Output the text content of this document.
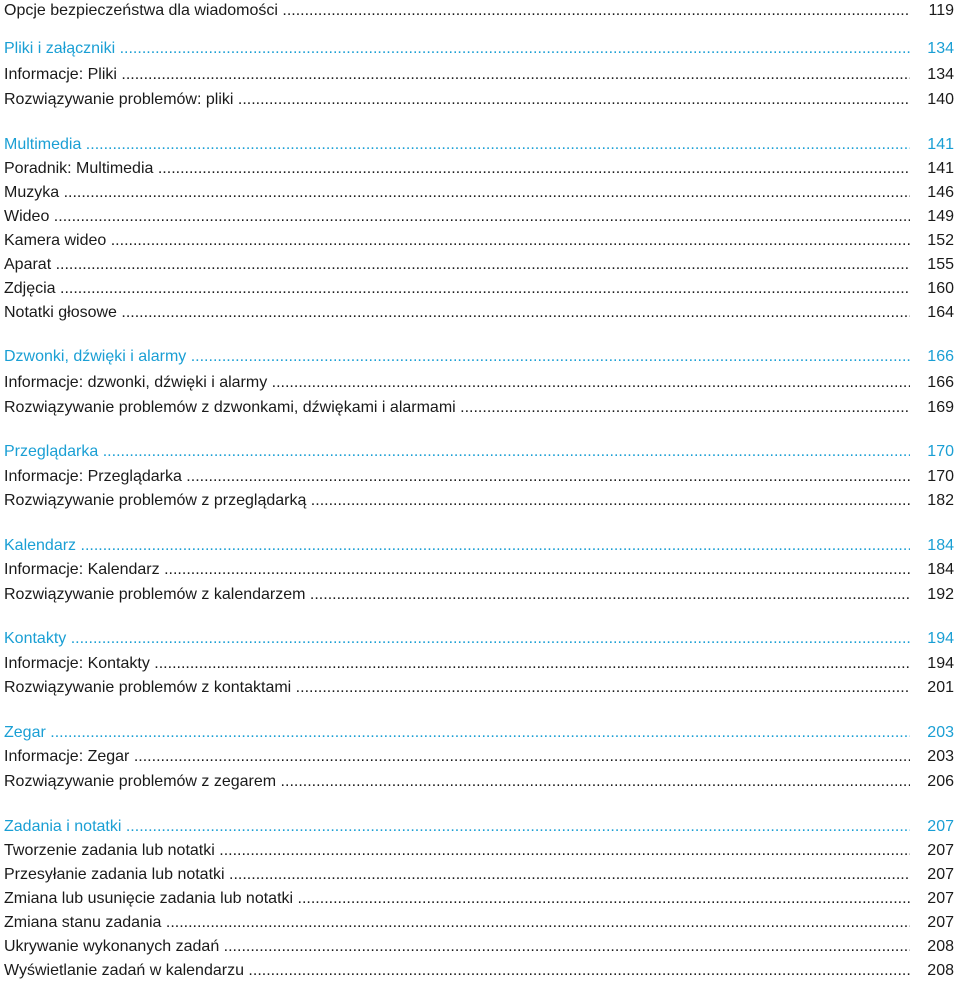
Opcje bezpieczeństwa dla wiadomości .....	119
Pliki i załączniki .....	134
Informacje: Pliki .....	134
Rozwiązywanie problemów: pliki .....	140
Multimedia .....	141
Poradnik: Multimedia .....	141
Muzyka .....	146
Wideo .....	149
Kamera wideo .....	152
Aparat .....	155
Zdjęcia .....	160
Notatki głosowe .....	164
Dzwonki, dźwięki i alarmy .....	166
Informacje: dzwonki, dźwięki i alarmy .....	166
Rozwiązywanie problemów z dzwonkami, dźwiękami i alarmami .....	169
Przeglądarka .....	170
Informacje: Przeglądarka .....	170
Rozwiązywanie problemów z przeglądarką .....	182
Kalendarz .....	184
Informacje: Kalendarz .....	184
Rozwiązywanie problemów z kalendarzem .....	192
Kontakty .....	194
Informacje: Kontakty .....	194
Rozwiązywanie problemów z kontaktami .....	201
Zegar .....	203
Informacje: Zegar .....	203
Rozwiązywanie problemów z zegarem .....	206
Zadania i notatki .....	207
Tworzenie zadania lub notatki .....	207
Przesyłanie zadania lub notatki .....	207
Zmiana lub usunięcie zadania lub notatki .....	207
Zmiana stanu zadania .....	207
Ukrywanie wykonanych zadań .....	208
Wyświetlanie zadań w kalendarzu .....	208
